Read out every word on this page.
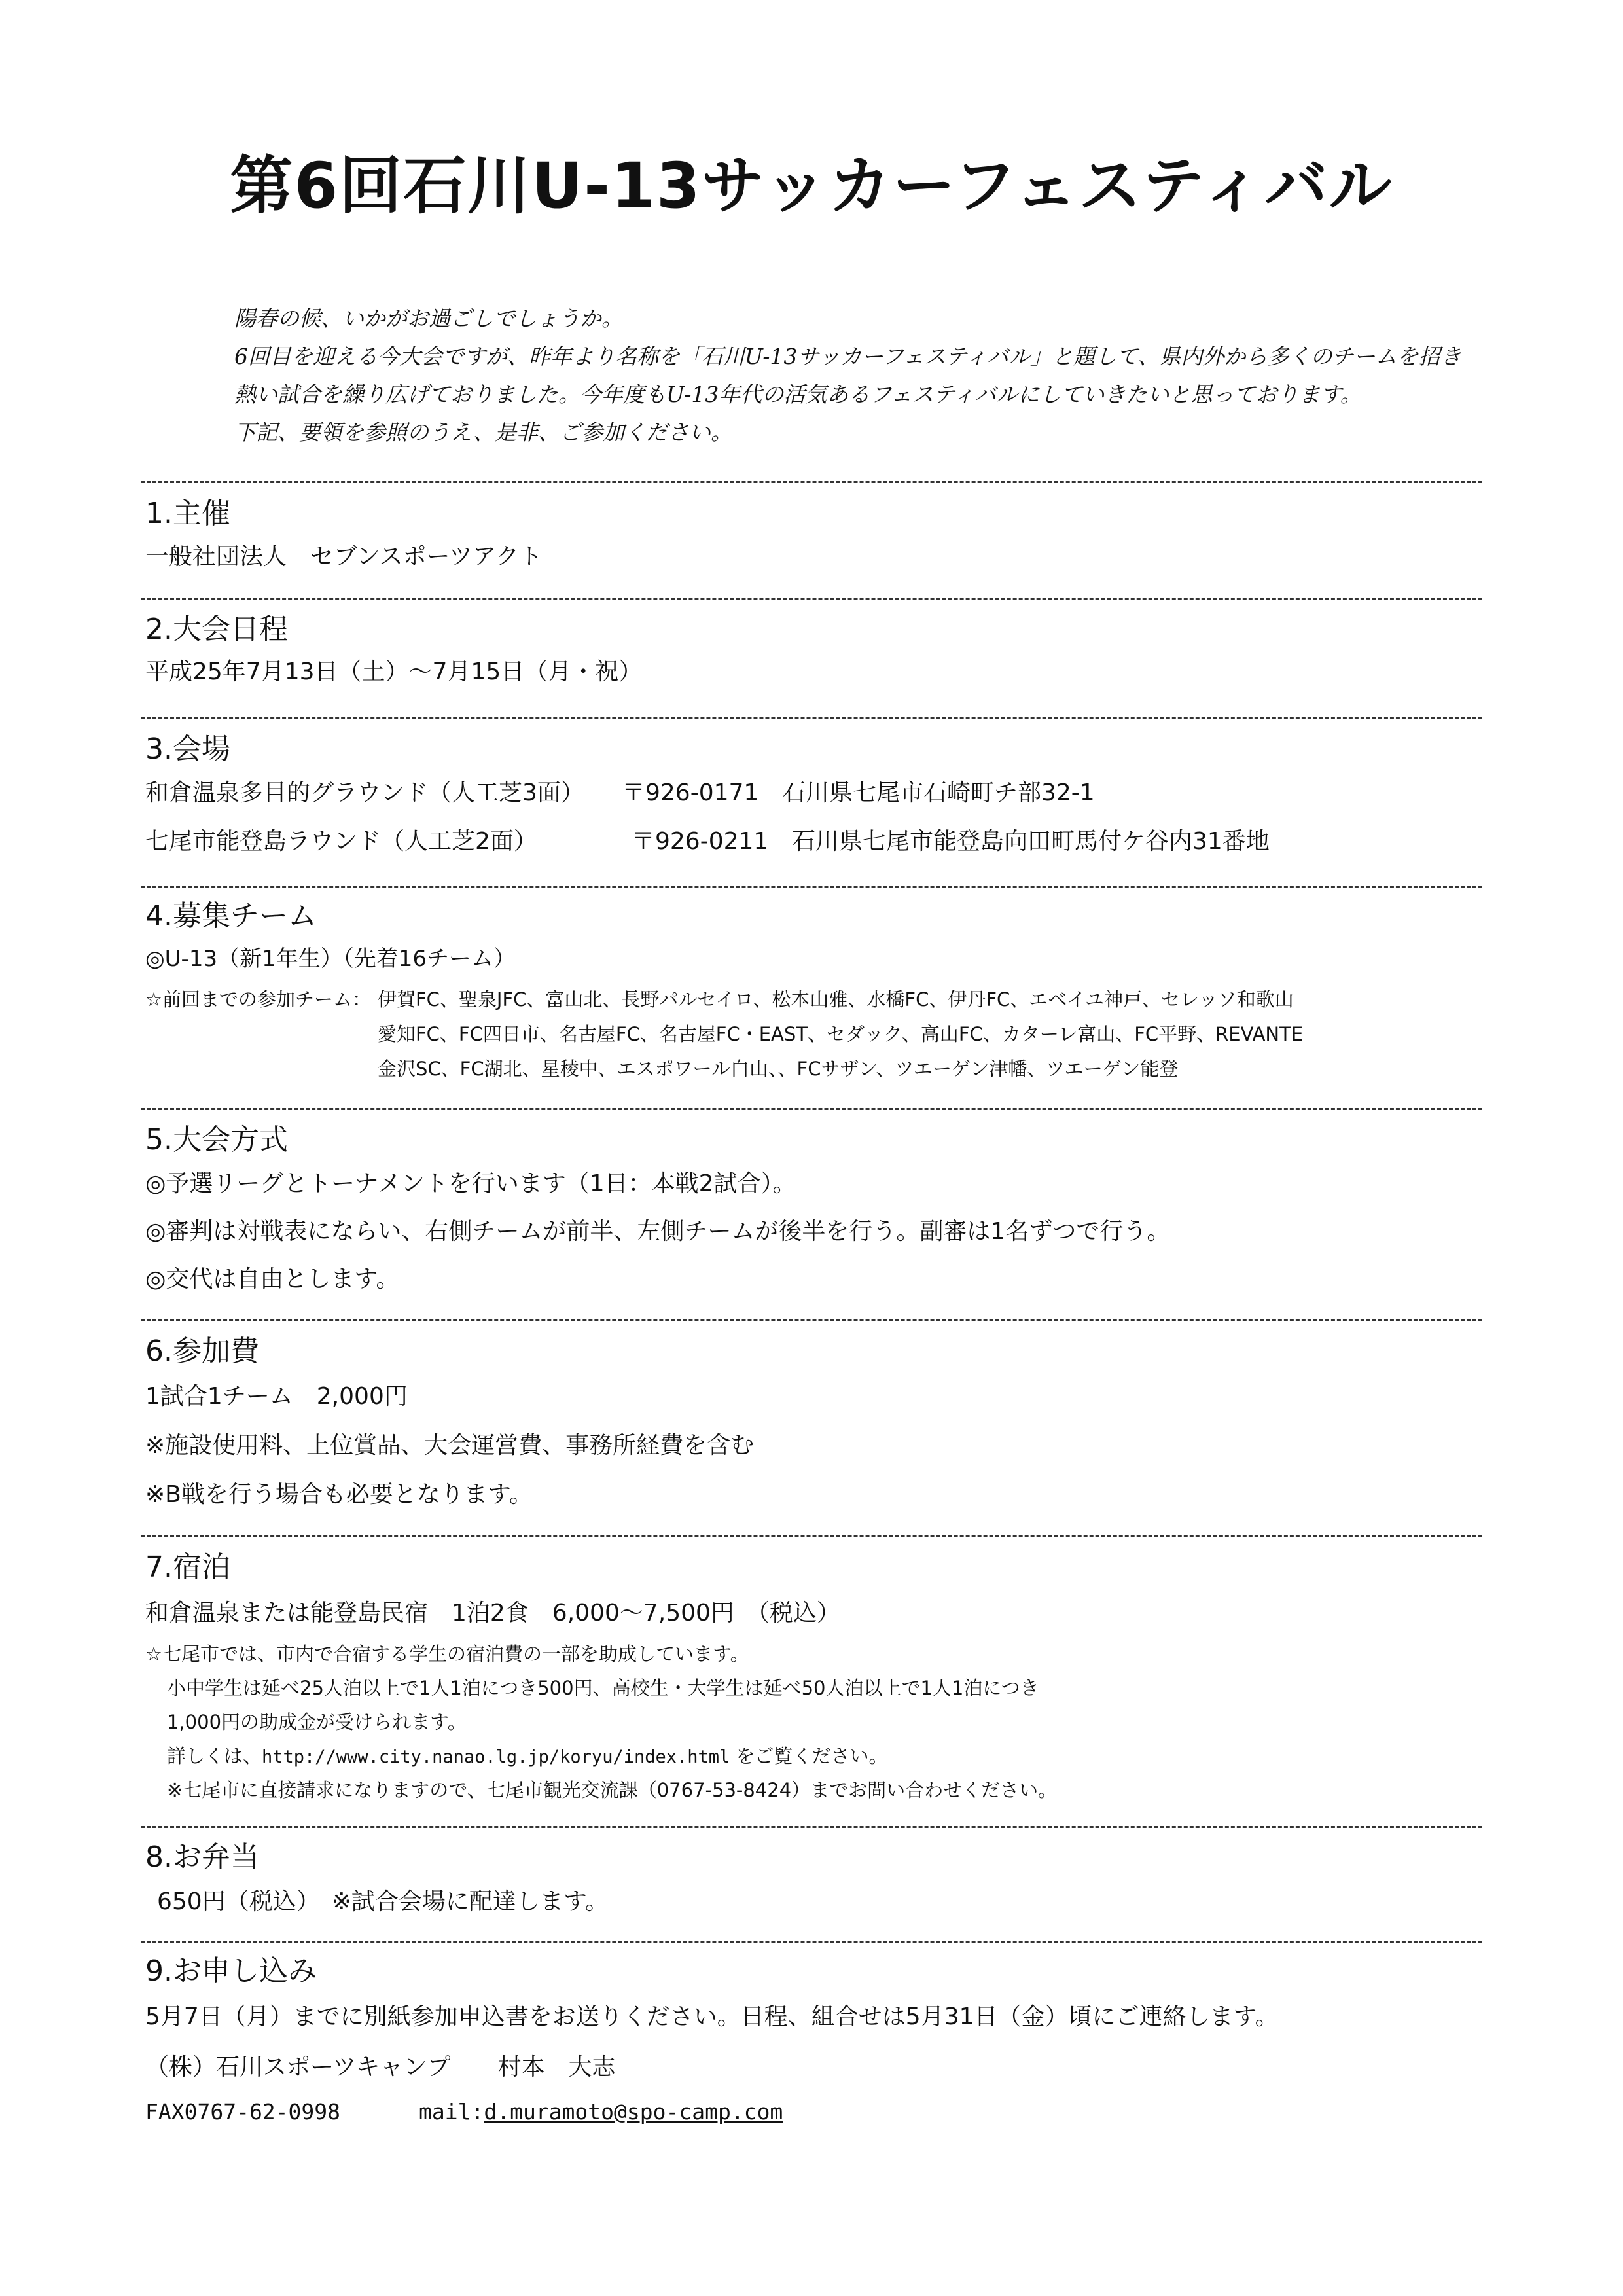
第6回石川U-13サッカーフェスティバル
陽春の候、いかがお過ごしでしょうか。
6回目を迎える今大会ですが、昨年より名称を「石川U-13サッカーフェスティバル」と題して、県内外から多くのチームを招き
熱い試合を繰り広げておりました。今年度もU-13年代の活気あるフェスティバルにしていきたいと思っております。
下記、要領を参照のうえ、是非、ご参加ください。
1.主催
一般社団法人　セブンスポーツアクト
2.大会日程
平成25年7月13日（土）～7月15日（月・祝）
3.会場
和倉温泉多目的グラウンド（人工芝3面） 〒926-0171 石川県七尾市石崎町チ部32-1
七尾市能登島ラウンド（人工芝2面）	〒926-0211 石川県七尾市能登島向田町馬付ケ谷内31番地
4.募集チーム
◎U-13（新1年生）（先着16チーム）
☆前回までの参加チーム： 伊賀FC、聖泉JFC、富山北、長野パルセイロ、松本山雅、水橋FC、伊丹FC、エベイユ神戸、セレッソ和歌山
愛知FC、FC四日市、名古屋FC、名古屋FC・EAST、セダック、高山FC、カターレ富山、FC平野、REVANTE
金沢SC、FC湖北、星稜中、エスポワール白山、、FCサザン、ツエーゲン津幡、ツエーゲン能登
5.大会方式
◎予選リーグとトーナメントを行います（1日：本戦2試合）。
◎審判は対戦表にならい、右側チームが前半、左側チームが後半を行う。副審は1名ずつで行う。
◎交代は自由とします。
6.参加費
1試合1チーム　2,000円
※施設使用料、上位賞品、大会運営費、事務所経費を含む
※B戦を行う場合も必要となります。
7.宿泊
和倉温泉または能登島民宿　1泊2食　6,000～7,500円　（税込）
☆七尾市では、市内で合宿する学生の宿泊費の一部を助成しています。
小中学生は延べ25人泊以上で1人1泊につき500円、高校生・大学生は延べ50人泊以上で1人1泊につき
1,000円の助成金が受けられます。
詳しくは、http://www.city.nanao.lg.jp/koryu/index.html をご覧ください。
※七尾市に直接請求になりますので、七尾市観光交流課（0767-53-8424）までお問い合わせください。
8.お弁当
650円（税込）　※試合会場に配達します。
9.お申し込み
5月7日（月）までに別紙参加申込書をお送りください。日程、組合せは5月31日（金）頃にご連絡します。
（株）石川スポーツキャンプ　　村本　大志
FAX0767-62-0998	mail:d.muramoto@spo-camp.com
